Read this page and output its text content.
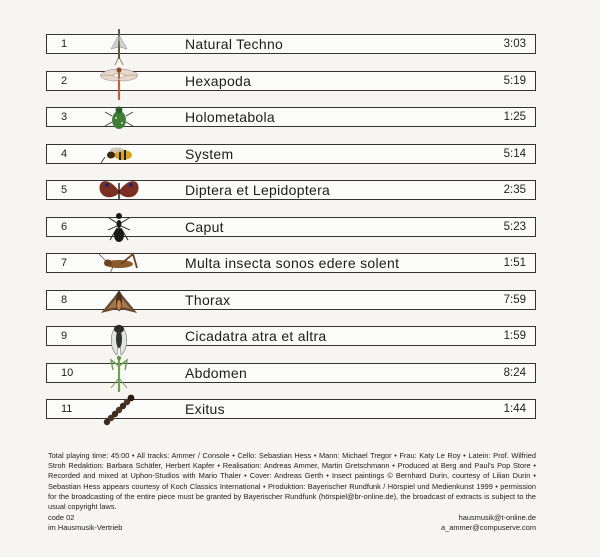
1	Natural Techno	3:03
2	Hexapoda	5:19
3	Holometabola	1:25
4	System	5:14
5	Diptera et Lepidoptera	2:35
6	Caput	5:23
7	Multa insecta sonos edere solent	1:51
8	Thorax	7:59
9	Cicadatra atra et altra	1:59
10	Abdomen	8:24
11	Exitus	1:44

Total playing time: 45:00 • All tracks: Ammer / Console • Cello: Sebastian Hess • Mann: Michael Tregor • Frau: Katy Le Roy • Latein: Prof. Wilfried Stroh Redaktion: Barbara Schäfer, Herbert Kapfer • Realisation: Andreas Ammer, Martin Gretschmann • Produced at Berg and Paul's Pop Store • Recorded and mixed at Uphon-Studios with Mario Thaler • Cover: Andreas Gerth • Insect paintings © Bernhard Durin, courtesy of Lilian Durin • Sebastian Hess appears courtesy of Koch Classics International • Produktion: Bayerischer Rundfunk / Hörspiel und Medienkunst 1999 • permission for the broadcasting of the entire piece must be granted by Bayerischer Rundfunk (hörspiel@br-online.de), the broadcast of extracts is subject to the usual copyright laws.

code 02	hausmusik@t-online.de
im Hausmusik-Vertrieb	a_ammer@compuserve.com
